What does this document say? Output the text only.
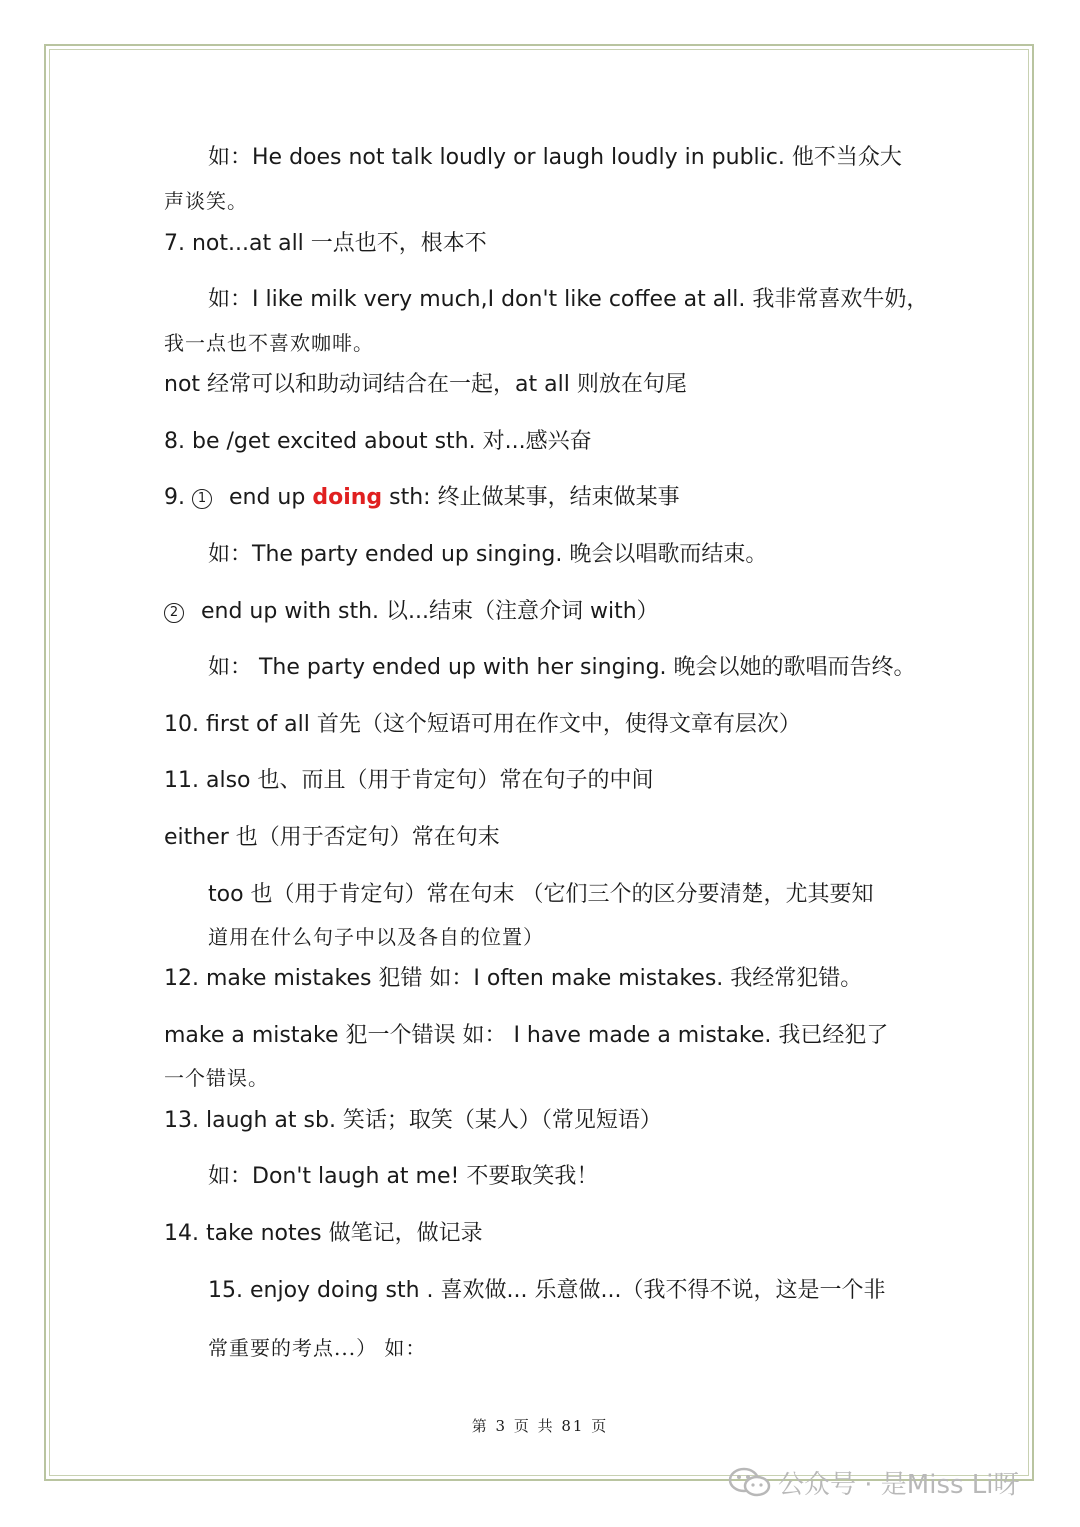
如：He does not talk loudly or laugh loudly in public. 他不当众大
声谈笑。
7. not...at all 一点也不，根本不
如：I like milk very much,I don't like coffee at all. 我非常喜欢牛奶，
我一点也不喜欢咖啡。
not 经常可以和助动词结合在一起，at all 则放在句尾
8. be /get excited about sth. 对...感兴奋
9. 1 end up doing sth: 终止做某事，结束做某事
如：The party ended up singing. 晚会以唱歌而结束。
2 end up with sth. 以...结束（注意介词 with）
如： The party ended up with her singing. 晚会以她的歌唱而告终。
10. first of all 首先（这个短语可用在作文中，使得文章有层次）
11. also 也、而且（用于肯定句）常在句子的中间
either 也（用于否定句）常在句末
too 也（用于肯定句）常在句末 （它们三个的区分要清楚，尤其要知
道用在什么句子中以及各自的位置）
12. make mistakes 犯错 如：I often make mistakes. 我经常犯错。
make a mistake 犯一个错误 如： I have made a mistake. 我已经犯了
一个错误。
13. laugh at sb. 笑话；取笑（某人）（常见短语）
如：Don't laugh at me! 不要取笑我！
14. take notes 做笔记，做记录
15. enjoy doing sth . 喜欢做... 乐意做...（我不得不说，这是一个非
常重要的考点...） 如：
第 3 页 共 81 页
公众号 · 是Miss Li呀
